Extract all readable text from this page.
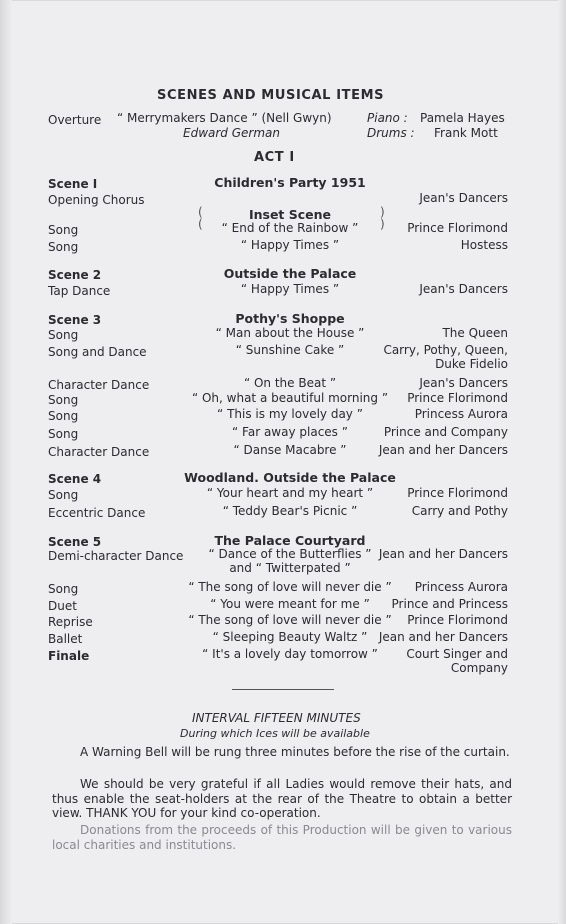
SCENES AND MUSICAL ITEMS
Overture “ Merrymakers Dance ” (Nell Gwyn)
Edward German
Piano : Pamela Hayes
Drums : Frank Mott
ACT I
Scene I	Children's Party 1951
Opening Chorus	Jean's Dancers
Inset Scene
Song	“ End of the Rainbow ”	Prince Florimond
Song	“ Happy Times ”	Hostess
Scene 2	Outside the Palace
Tap Dance	“ Happy Times ”	Jean's Dancers
Scene 3	Pothy's Shoppe
Song	“ Man about the House ”	The Queen
Song and Dance	“ Sunshine Cake ”	Carry, Pothy, Queen,
Duke Fidelio
Character Dance	“ On the Beat ”	Jean's Dancers
Song	“ Oh, what a beautiful morning ” Prince Florimond
Song	“ This is my lovely day ”	Princess Aurora
Song	“ Far away places ”	Prince and Company
Character Dance	“ Danse Macabre ”	Jean and her Dancers
Scene 4	Woodland. Outside the Palace
Song	“ Your heart and my heart ”	Prince Florimond
Eccentric Dance	“ Teddy Bear's Picnic ”	Carry and Pothy
Scene 5	The Palace Courtyard
Demi-character Dance “ Dance of the Butterflies ” Jean and her Dancers
and “ Twitterpated ”
Song	“ The song of love will never die ” Princess Aurora
Duet	“ You were meant for me ” Prince and Princess
Reprise	“ The song of love will never die ” Prince Florimond
Ballet	“ Sleeping Beauty Waltz ” Jean and her Dancers
Finale	“ It's a lovely day tomorrow ” Court Singer and
Company
(
(
)
)
INTERVAL FIFTEEN MINUTES
During which Ices will be available
A Warning Bell will be rung three minutes before the rise of the curtain.
We should be very grateful if all Ladies would remove their hats, and thus enable the seat-holders at the rear of the Theatre to obtain a better view. THANK YOU for your kind co-operation.
Donations from the proceeds of this Production will be given to various local charities and institutions.
